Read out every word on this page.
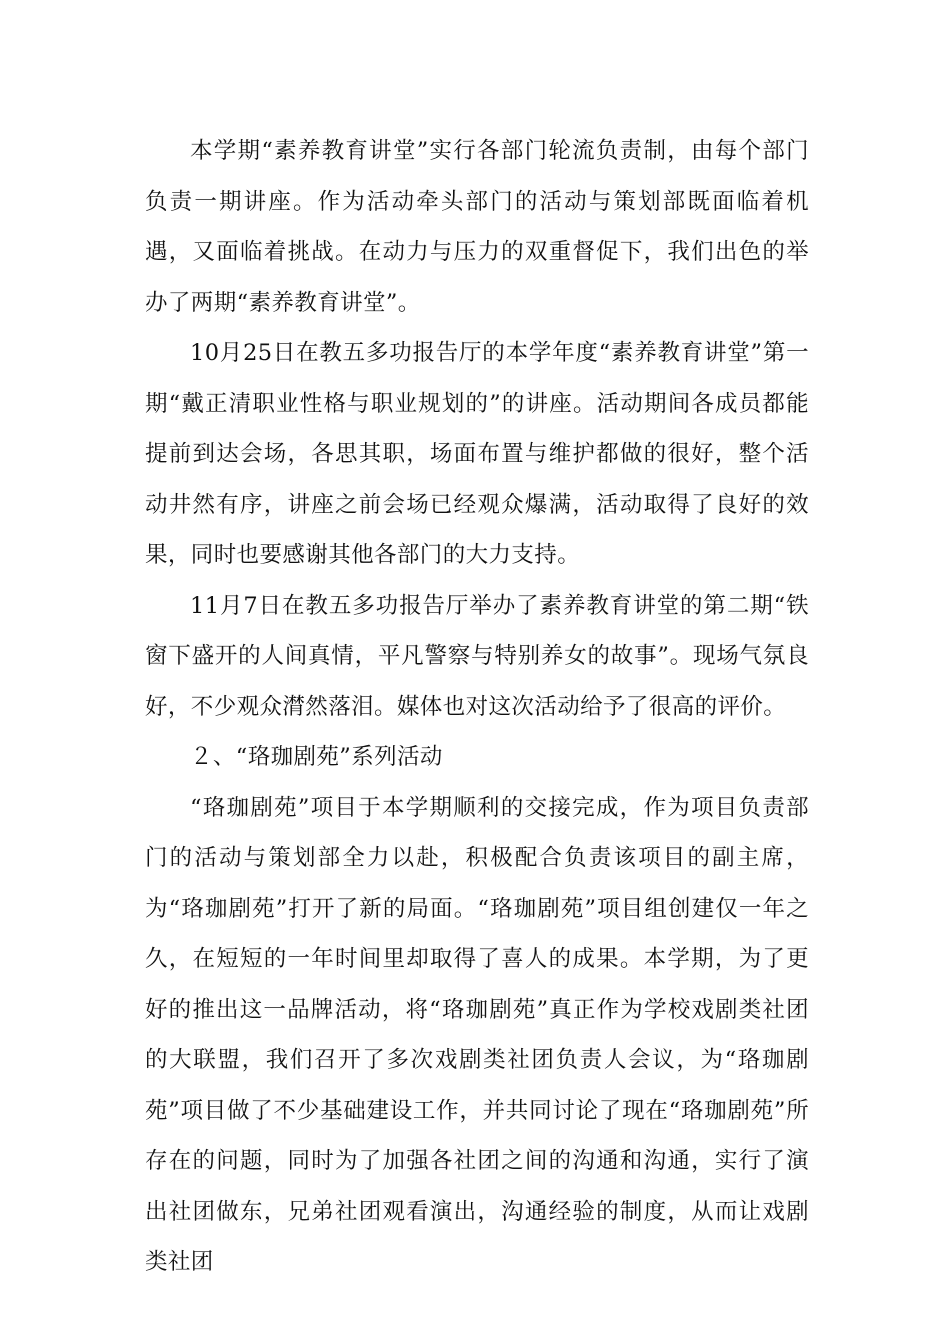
本学期“素养教育讲堂”实行各部门轮流负责制，由每个部门负责一期讲座。作为活动牵头部门的活动与策划部既面临着机遇，又面临着挑战。在动力与压力的双重督促下，我们出色的举办了两期“素养教育讲堂”。

10月25日在教五多功报告厅的本学年度“素养教育讲堂”第一期“戴正清职业性格与职业规划的”的讲座。活动期间各成员都能提前到达会场，各思其职，场面布置与维护都做的很好，整个活动井然有序，讲座之前会场已经观众爆满，活动取得了良好的效果，同时也要感谢其他各部门的大力支持。

11月7日在教五多功报告厅举办了素养教育讲堂的第二期“铁窗下盛开的人间真情，平凡警察与特别养女的故事”。现场气氛良好，不少观众潸然落泪。媒体也对这次活动给予了很高的评价。

２、“珞珈剧苑”系列活动

“珞珈剧苑”项目于本学期顺利的交接完成，作为项目负责部门的活动与策划部全力以赴，积极配合负责该项目的副主席，为“珞珈剧苑”打开了新的局面。“珞珈剧苑”项目组创建仅一年之久，在短短的一年时间里却取得了喜人的成果。本学期，为了更好的推出这一品牌活动，将“珞珈剧苑”真正作为学校戏剧类社团的大联盟，我们召开了多次戏剧类社团负责人会议，为“珞珈剧苑”项目做了不少基础建设工作，并共同讨论了现在“珞珈剧苑”所存在的问题，同时为了加强各社团之间的沟通和沟通，实行了演出社团做东，兄弟社团观看演出，沟通经验的制度，从而让戏剧类社团
